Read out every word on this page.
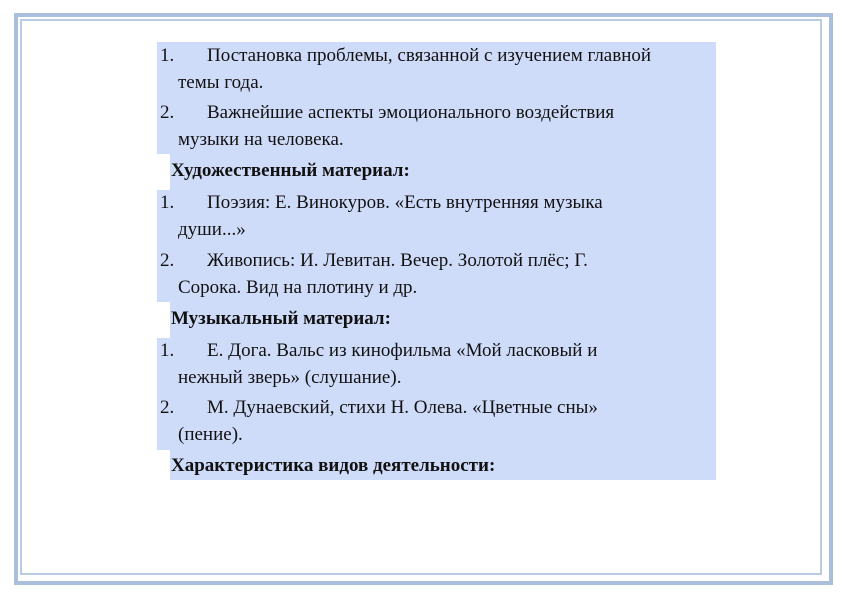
1. Постановка проблемы, связанной с изучением главной
темы года.
2. Важнейшие аспекты эмоционального воздействия
музыки на человека.
Художественный материал:
1. Поэзия: Е. Винокуров. «Есть внутренняя музыка
души...»
2. Живопись: И. Левитан. Вечер. Золотой плёс; Г.
Сорока. Вид на плотину и др.
Музыкальный материал:
1. Е. Дога. Вальс из кинофильма «Мой ласковый и
нежный зверь» (слушание).
2. М. Дунаевский, стихи Н. Олева. «Цветные сны»
(пение).
Характеристика видов деятельности:
